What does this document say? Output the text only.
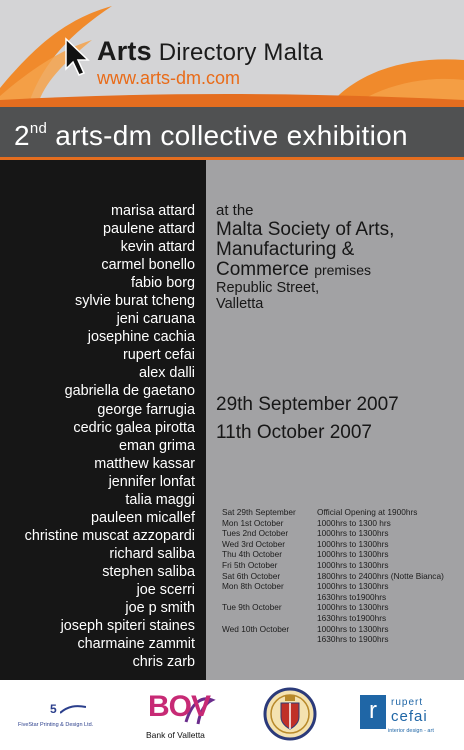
Arts Directory Malta
www.arts-dm.com
2nd arts-dm collective exhibition
marisa attard
paulene attard
kevin attard
carmel bonello
fabio borg
sylvie burat tcheng
jeni caruana
josephine cachia
rupert cefai
alex dalli
gabriella de gaetano
george farrugia
cedric galea pirotta
eman grima
matthew kassar
jennifer lonfat
talia maggi
pauleen micallef
christine muscat azzopardi
richard saliba
stephen saliba
joe scerri
joe p smith
joseph spiteri staines
charmaine zammit
chris zarb
at the
Malta Society of Arts,
Manufacturing &
Commerce premises
Republic Street,
Valletta
29th September 2007
11th October 2007
Sat 29th September	Official Opening at 1900hrs
Mon 1st October	1000hrs to 1300 hrs
Tues 2nd October	1000hrs to 1300hrs
Wed 3rd October	1000hrs to 1300hrs
Thu 4th October	1000hrs to 1300hrs
Fri 5th October	1000hrs to 1300hrs
Sat 6th October	1800hrs to 2400hrs (Notte Bianca)
Mon 8th October	1000hrs to 1300hrs
	1630hrs to1900hrs
Tue 9th October	1000hrs to 1300hrs
	1630hrs to1900hrs
Wed 10th October	1000hrs to 1300hrs
	1630hrs to 1900hrs
5
FiveStar Printing & Design Ltd.
BOV
Bank of Valletta
r	rupert
cefai
interior design - art
